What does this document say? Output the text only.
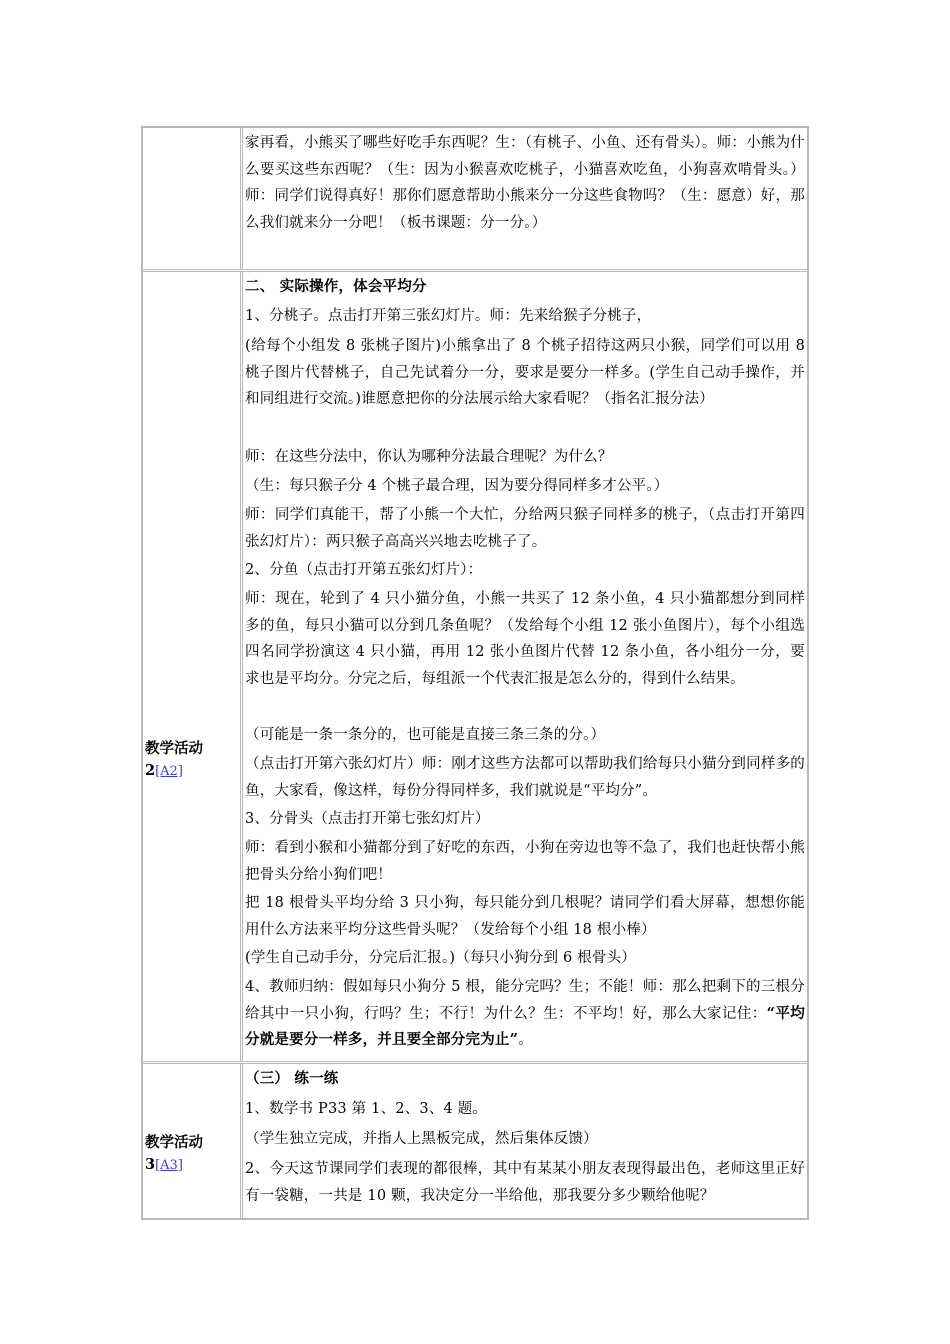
家再看，小熊买了哪些好吃手东西呢？生：（有桃子、小鱼、还有骨头）。师：小熊为什么要买这些东西呢？（生：因为小猴喜欢吃桃子，小猫喜欢吃鱼，小狗喜欢啃骨头。）师：同学们说得真好！那你们愿意帮助小熊来分一分这些食物吗？（生：愿意）好，那么我们就来分一分吧！（板书课题：分一分。）
教学活动
2[A2]
二、 实际操作，体会平均分
1、分桃子。点击打开第三张幻灯片。师：先来给猴子分桃子，
(给每个小组发 8 张桃子图片)小熊拿出了 8 个桃子招待这两只小猴，同学们可以用 8 桃子图片代替桃子，自己先试着分一分，要求是要分一样多。(学生自己动手操作，并和同组进行交流。)谁愿意把你的分法展示给大家看呢？（指名汇报分法）
师：在这些分法中，你认为哪种分法最合理呢？为什么？
（生：每只猴子分 4 个桃子最合理，因为要分得同样多才公平。）
师：同学们真能干，帮了小熊一个大忙，分给两只猴子同样多的桃子，（点击打开第四张幻灯片）：两只猴子高高兴兴地去吃桃子了。
2、分鱼（点击打开第五张幻灯片）：
师：现在，轮到了 4 只小猫分鱼，小熊一共买了 12 条小鱼，4 只小猫都想分到同样多的鱼，每只小猫可以分到几条鱼呢？（发给每个小组 12 张小鱼图片），每个小组选四名同学扮演这 4 只小猫，再用 12 张小鱼图片代替 12 条小鱼，各小组分一分，要求也是平均分。分完之后，每组派一个代表汇报是怎么分的，得到什么结果。
（可能是一条一条分的，也可能是直接三条三条的分。）
（点击打开第六张幻灯片）师：刚才这些方法都可以帮助我们给每只小猫分到同样多的鱼，大家看，像这样，每份分得同样多，我们就说是“平均分”。
3、分骨头（点击打开第七张幻灯片）
师：看到小猴和小猫都分到了好吃的东西，小狗在旁边也等不急了，我们也赶快帮小熊把骨头分给小狗们吧！
把 18 根骨头平均分给 3 只小狗，每只能分到几根呢？请同学们看大屏幕，想想你能用什么方法来平均分这些骨头呢？（发给每个小组 18 根小棒）
(学生自己动手分，分完后汇报。)（每只小狗分到 6 根骨头）
4、教师归纳：假如每只小狗分 5 根，能分完吗？生；不能！师：那么把剩下的三根分给其中一只小狗，行吗？生；不行！为什么？生：不平均！好，那么大家记住：“平均分就是要分一样多，并且要全部分完为止”。
教学活动
3[A3]
（三） 练一练
1、数学书 P33 第 1、2、3、4 题。
（学生独立完成，并指人上黑板完成，然后集体反馈）
2、今天这节课同学们表现的都很棒，其中有某某小朋友表现得最出色，老师这里正好有一袋糖，一共是 10 颗，我决定分一半给他，那我要分多少颗给他呢？
